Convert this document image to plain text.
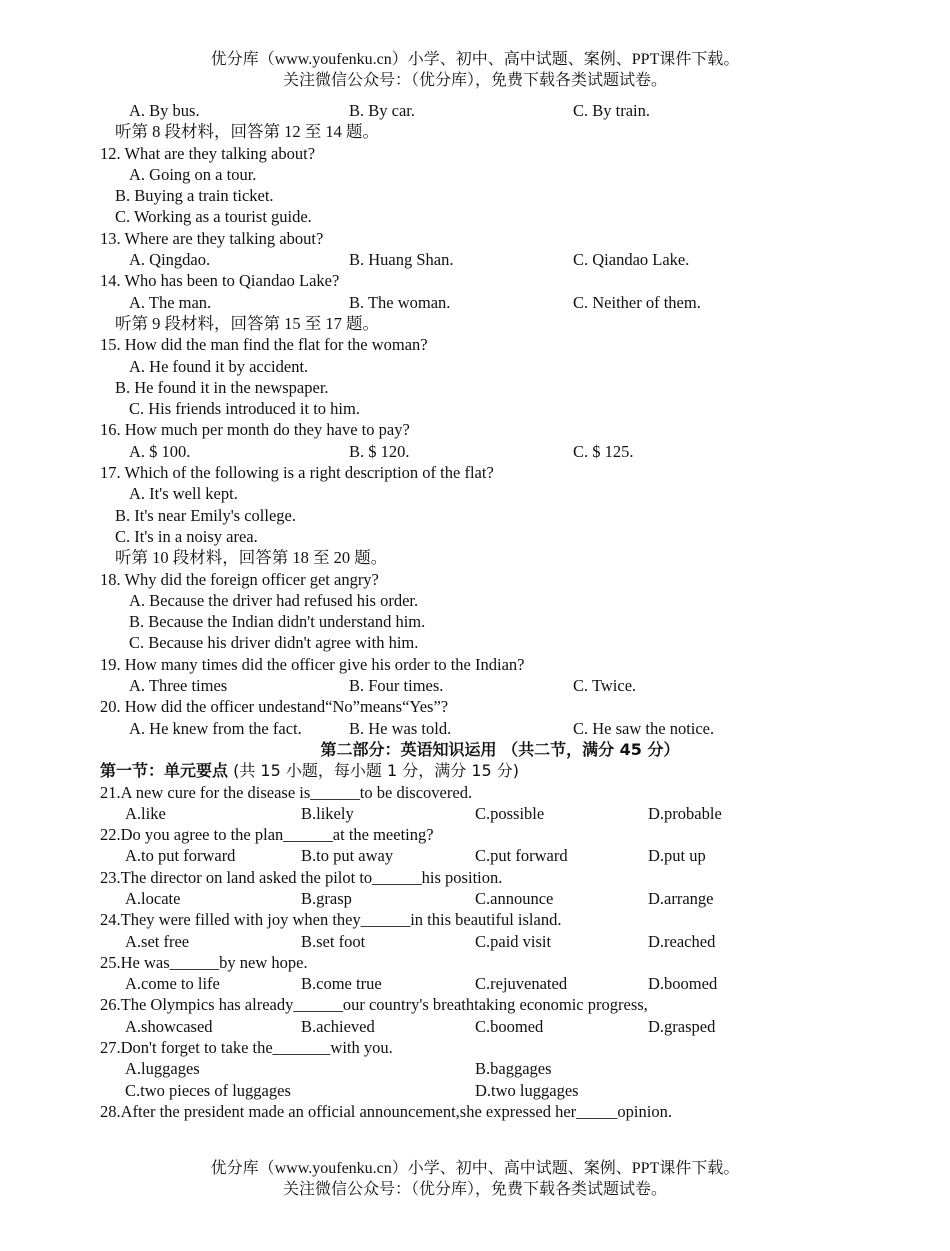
优分库（www.youfenku.cn）小学、初中、高中试题、案例、PPT课件下载。
关注微信公众号：（优分库），免费下载各类试题试卷。
A. By bus.	B. By car.	C. By train.
听第 8 段材料，回答第 12 至 14 题。
12. What are they talking about?
A. Going on a tour.
B. Buying a train ticket.
C. Working as a tourist guide.
13. Where are they talking about?
A. Qingdao.	B. Huang Shan.	C. Qiandao Lake.
14. Who has been to Qiandao Lake?
A. The man.	B. The woman.	C. Neither of them.
听第 9 段材料，回答第 15 至 17 题。
15. How did the man find the flat for the woman?
A. He found it by accident.
B. He found it in the newspaper.
C. His friends introduced it to him.
16. How much per month do they have to pay?
A. $ 100.	B. $ 120.	C. $ 125.
17. Which of the following is a right description of the flat?
A. It's well kept.
B. It's near Emily's college.
C. It's in a noisy area.
听第 10 段材料，回答第 18 至 20 题。
18. Why did the foreign officer get angry?
A. Because the driver had refused his order.
B. Because the Indian didn't understand him.
C. Because his driver didn't agree with him.
19. How many times did the officer give his order to the Indian?
A. Three times	B. Four times.	C. Twice.
20. How did the officer undestand“No”means“Yes”?
A. He knew from the fact.	B. He was told.	C. He saw the notice.
第二部分：英语知识运用 （共二节，满分 45 分）
第一节：单元要点 (共 15 小题，每小题 1 分，满分 15 分)
21.A new cure for the disease is______to be discovered.
A.like	B.likely	C.possible	D.probable
22.Do you agree to the plan______at the meeting?
A.to put forward	B.to put away	C.put forward	D.put up
23.The director on land asked the pilot to______his position.
A.locate	B.grasp	C.announce	D.arrange
24.They were filled with joy when they______in this beautiful island.
A.set free	B.set foot	C.paid visit	D.reached
25.He was______by new hope.
A.come to life	B.come true	C.rejuvenated	D.boomed
26.The Olympics has already______our country's breathtaking economic progress,
A.showcased	B.achieved	C.boomed	D.grasped
27.Don't forget to take the_______with you.
A.luggages	B.baggages
C.two pieces of luggages	D.two luggages
28.After the president made an official announcement,she expressed her_____opinion.
优分库（www.youfenku.cn）小学、初中、高中试题、案例、PPT课件下载。
关注微信公众号：（优分库），免费下载各类试题试卷。
